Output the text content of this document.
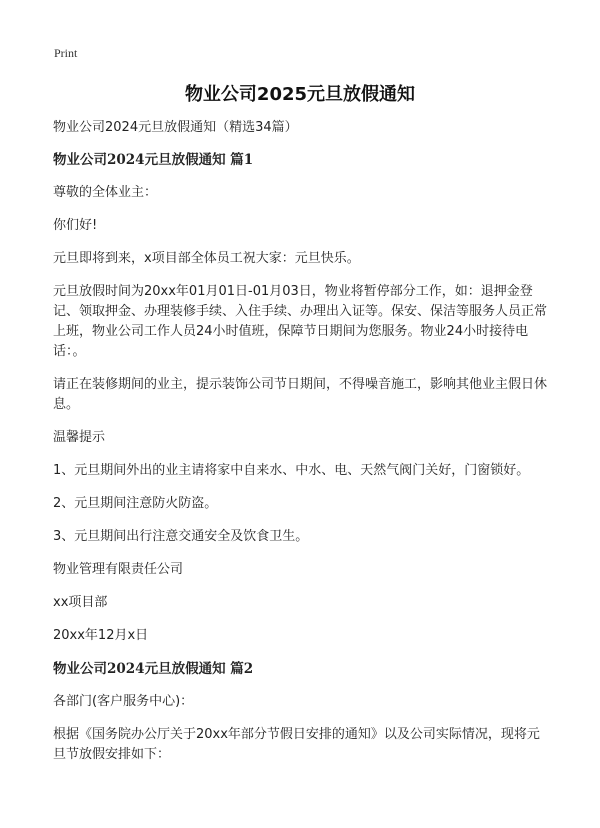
Print
物业公司2025元旦放假通知

物业公司2024元旦放假通知（精选34篇）

物业公司2024元旦放假通知 篇1

尊敬的全体业主：

你们好!

元旦即将到来，x项目部全体员工祝大家：元旦快乐。

元旦放假时间为20xx年01月01日-01月03日，物业将暂停部分工作，如：退押金登记、领取押金、办理装修手续、入住手续、办理出入证等。保安、保洁等服务人员正常上班，物业公司工作人员24小时值班，保障节日期间为您服务。物业24小时接待电话：。

请正在装修期间的业主，提示装饰公司节日期间，不得噪音施工，影响其他业主假日休息。

温馨提示

1、元旦期间外出的业主请将家中自来水、中水、电、天然气阀门关好，门窗锁好。

2、元旦期间注意防火防盗。

3、元旦期间出行注意交通安全及饮食卫生。

物业管理有限责任公司

xx项目部

20xx年12月x日

物业公司2024元旦放假通知 篇2

各部门(客户服务中心)：

根据《国务院办公厅关于20xx年部分节假日安排的通知》以及公司实际情况，现将元旦节放假安排如下：
